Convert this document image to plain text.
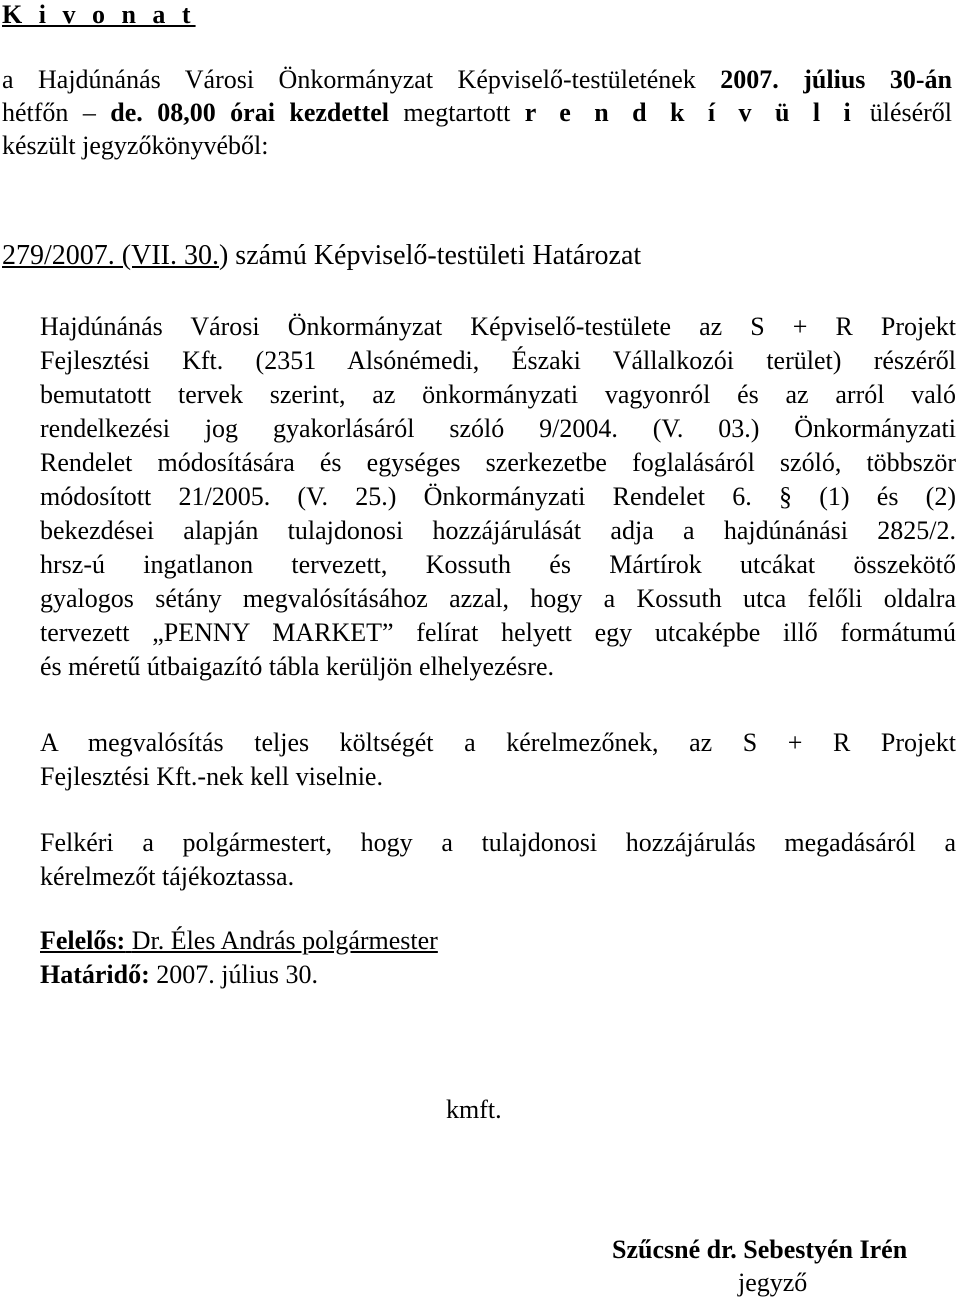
K i v o n a t
a Hajdúnánás Városi Önkormányzat Képviselő-testületének 2007. július 30-án
hétfőn – de. 08,00 órai kezdettel megtartott r e n d k í v ü l i üléséről
készült jegyzőkönyvéből:
279/2007. (VII. 30.) számú Képviselő-testületi Határozat
Hajdúnánás Városi Önkormányzat Képviselő-testülete az S + R Projekt
Fejlesztési Kft. (2351 Alsónémedi, Északi Vállalkozói terület) részéről
bemutatott tervek szerint, az önkormányzati vagyonról és az arról való
rendelkezési jog gyakorlásáról szóló 9/2004. (V. 03.) Önkormányzati
Rendelet módosítására és egységes szerkezetbe foglalásáról szóló, többször
módosított 21/2005. (V. 25.) Önkormányzati Rendelet 6. § (1) és (2)
bekezdései alapján tulajdonosi hozzájárulását adja a hajdúnánási 2825/2.
hrsz-ú ingatlanon tervezett, Kossuth és Mártírok utcákat összekötő
gyalogos sétány megvalósításához azzal, hogy a Kossuth utca felőli oldalra
tervezett „PENNY MARKET” felírat helyett egy utcaképbe illő formátumú
és méretű útbaigazító tábla kerüljön elhelyezésre.
A megvalósítás teljes költségét a kérelmezőnek, az S + R Projekt
Fejlesztési Kft.-nek kell viselnie.
Felkéri a polgármestert, hogy a tulajdonosi hozzájárulás megadásáról a
kérelmezőt tájékoztassa.
Felelős: Dr. Éles András polgármester
Határidő: 2007. július 30.
kmft.
Szűcsné dr. Sebestyén Irén
jegyző
